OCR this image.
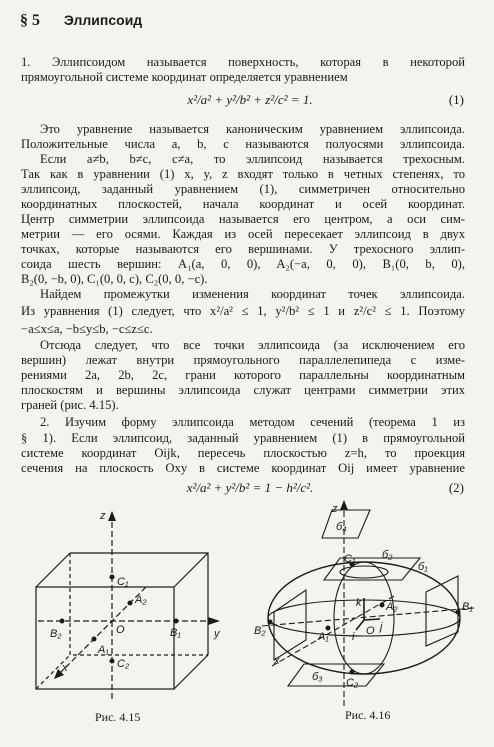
§ 5 Эллипсоид
1. Эллипсоидом называется поверхность, которая в некоторой
прямоугольной системе координат определяется уравнением
x²/a² + y²/b² + z²/c² = 1.	(1)
Это уравнение называется каноническим уравнением эллипсоида.
Положительные числа a, b, c называются полуосями эллипсоида.
Если a≠b, b≠c, c≠a, то эллипсоид называется трехосным.
Так как в уравнении (1) x, y, z входят только в четных степенях, то
эллипсоид, заданный уравнением (1), симметричен относительно
координатных плоскостей, начала координат и осей координат.
Центр симметрии эллипсоида называется его центром, а оси сим-
метрии — его осями. Каждая из осей пересекает эллипсоид в двух
точках, которые называются его вершинами. У трехосного эллип-
соида шесть вершин: A₁(a, 0, 0), A₂(−a, 0, 0), B₁(0, b, 0),
B₂(0, −b, 0), C₁(0, 0, c), C₂(0, 0, −c).
Найдем промежутки изменения координат точек эллипсоида.
Из уравнения (1) следует, что x²/a² ≤ 1, y²/b² ≤ 1 и z²/c² ≤ 1. Поэтому
−a≤x≤a, −b≤y≤b, −c≤z≤c.
Отсюда следует, что все точки эллипсоида (за исключением его
вершин) лежат внутри прямоугольного параллелепипеда с изме-
рениями 2a, 2b, 2c, грани которого параллельны координатным
плоскостям и вершины эллипсоида служат центрами симметрии этих
граней (рис. 4.15).
2. Изучим форму эллипсоида методом сечений (теорема 1 из
§ 1). Если эллипсоид, заданный уравнением (1) в прямоугольной
системе координат Oijk, пересечь плоскостью z=h, то проекция
сечения на плоскость Oxy в системе координат Oij имеет уравнение
x²/a² + y²/b² = 1 − h²/c².	(2)
z
y
x
O
C₁
C₂
A₂
A₁
B₂	B₁
Рис. 4.15
z
б₄
б₂
б₁
C₁
A₂
A₁
B₂
B₁
k
i
j
O
б₃ C₂
x
Рис. 4.16
